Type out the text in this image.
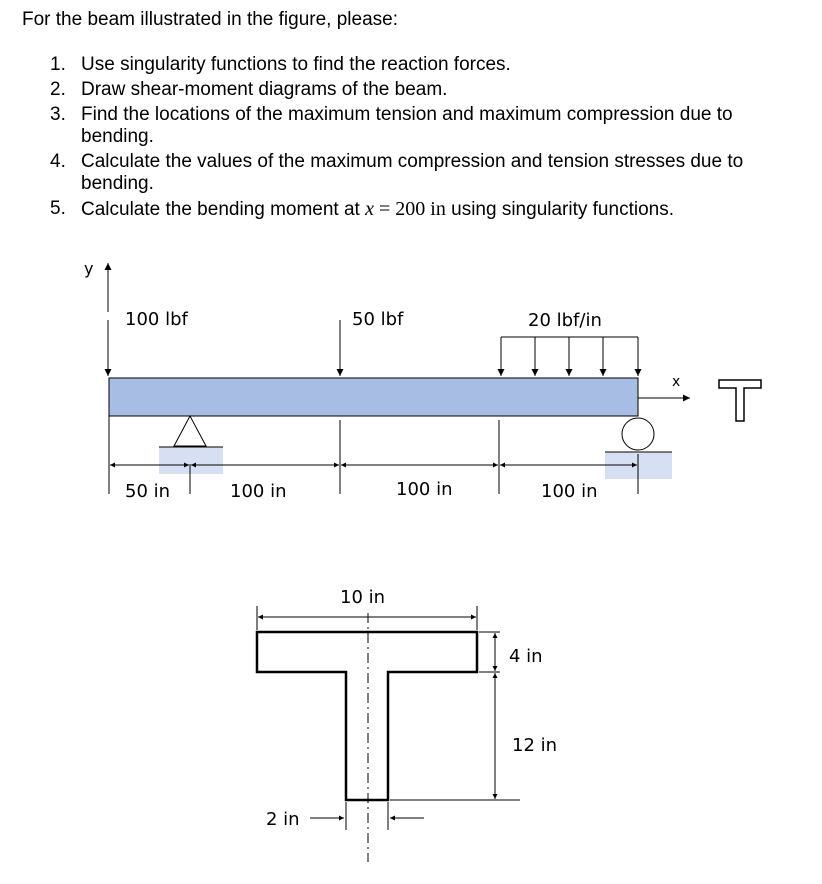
For the beam illustrated in the figure, please:
1. Use singularity functions to find the reaction forces.
2. Draw shear-moment diagrams of the beam.
3. Find the locations of the maximum tension and maximum compression due to bending.
4. Calculate the values of the maximum compression and tension stresses due to bending.
5. Calculate the bending moment at x = 200 in using singularity functions.
y
x
100 lbf	50 lbf	20 lbf/in
50 in	100 in	100 in	100 in
10 in
4 in
12 in
2 in
